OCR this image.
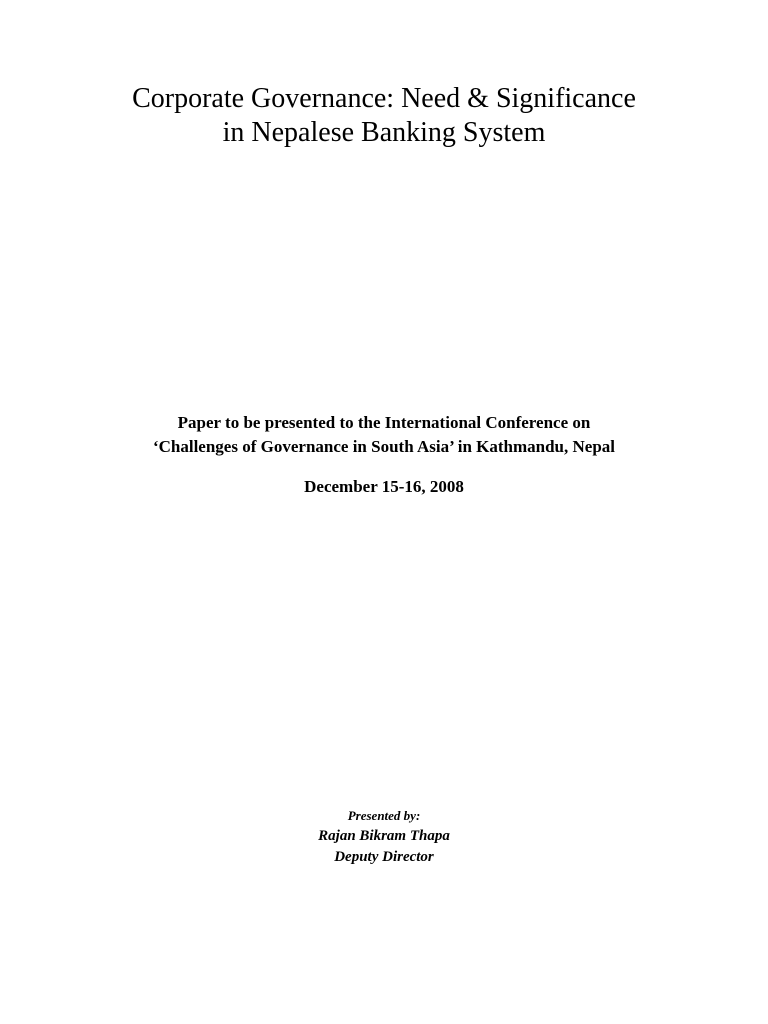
Corporate Governance: Need & Significance
in Nepalese Banking System

Paper to be presented to the International Conference on
‘Challenges of Governance in South Asia’ in Kathmandu, Nepal

December 15-16, 2008

Presented by:
Rajan Bikram Thapa
Deputy Director
